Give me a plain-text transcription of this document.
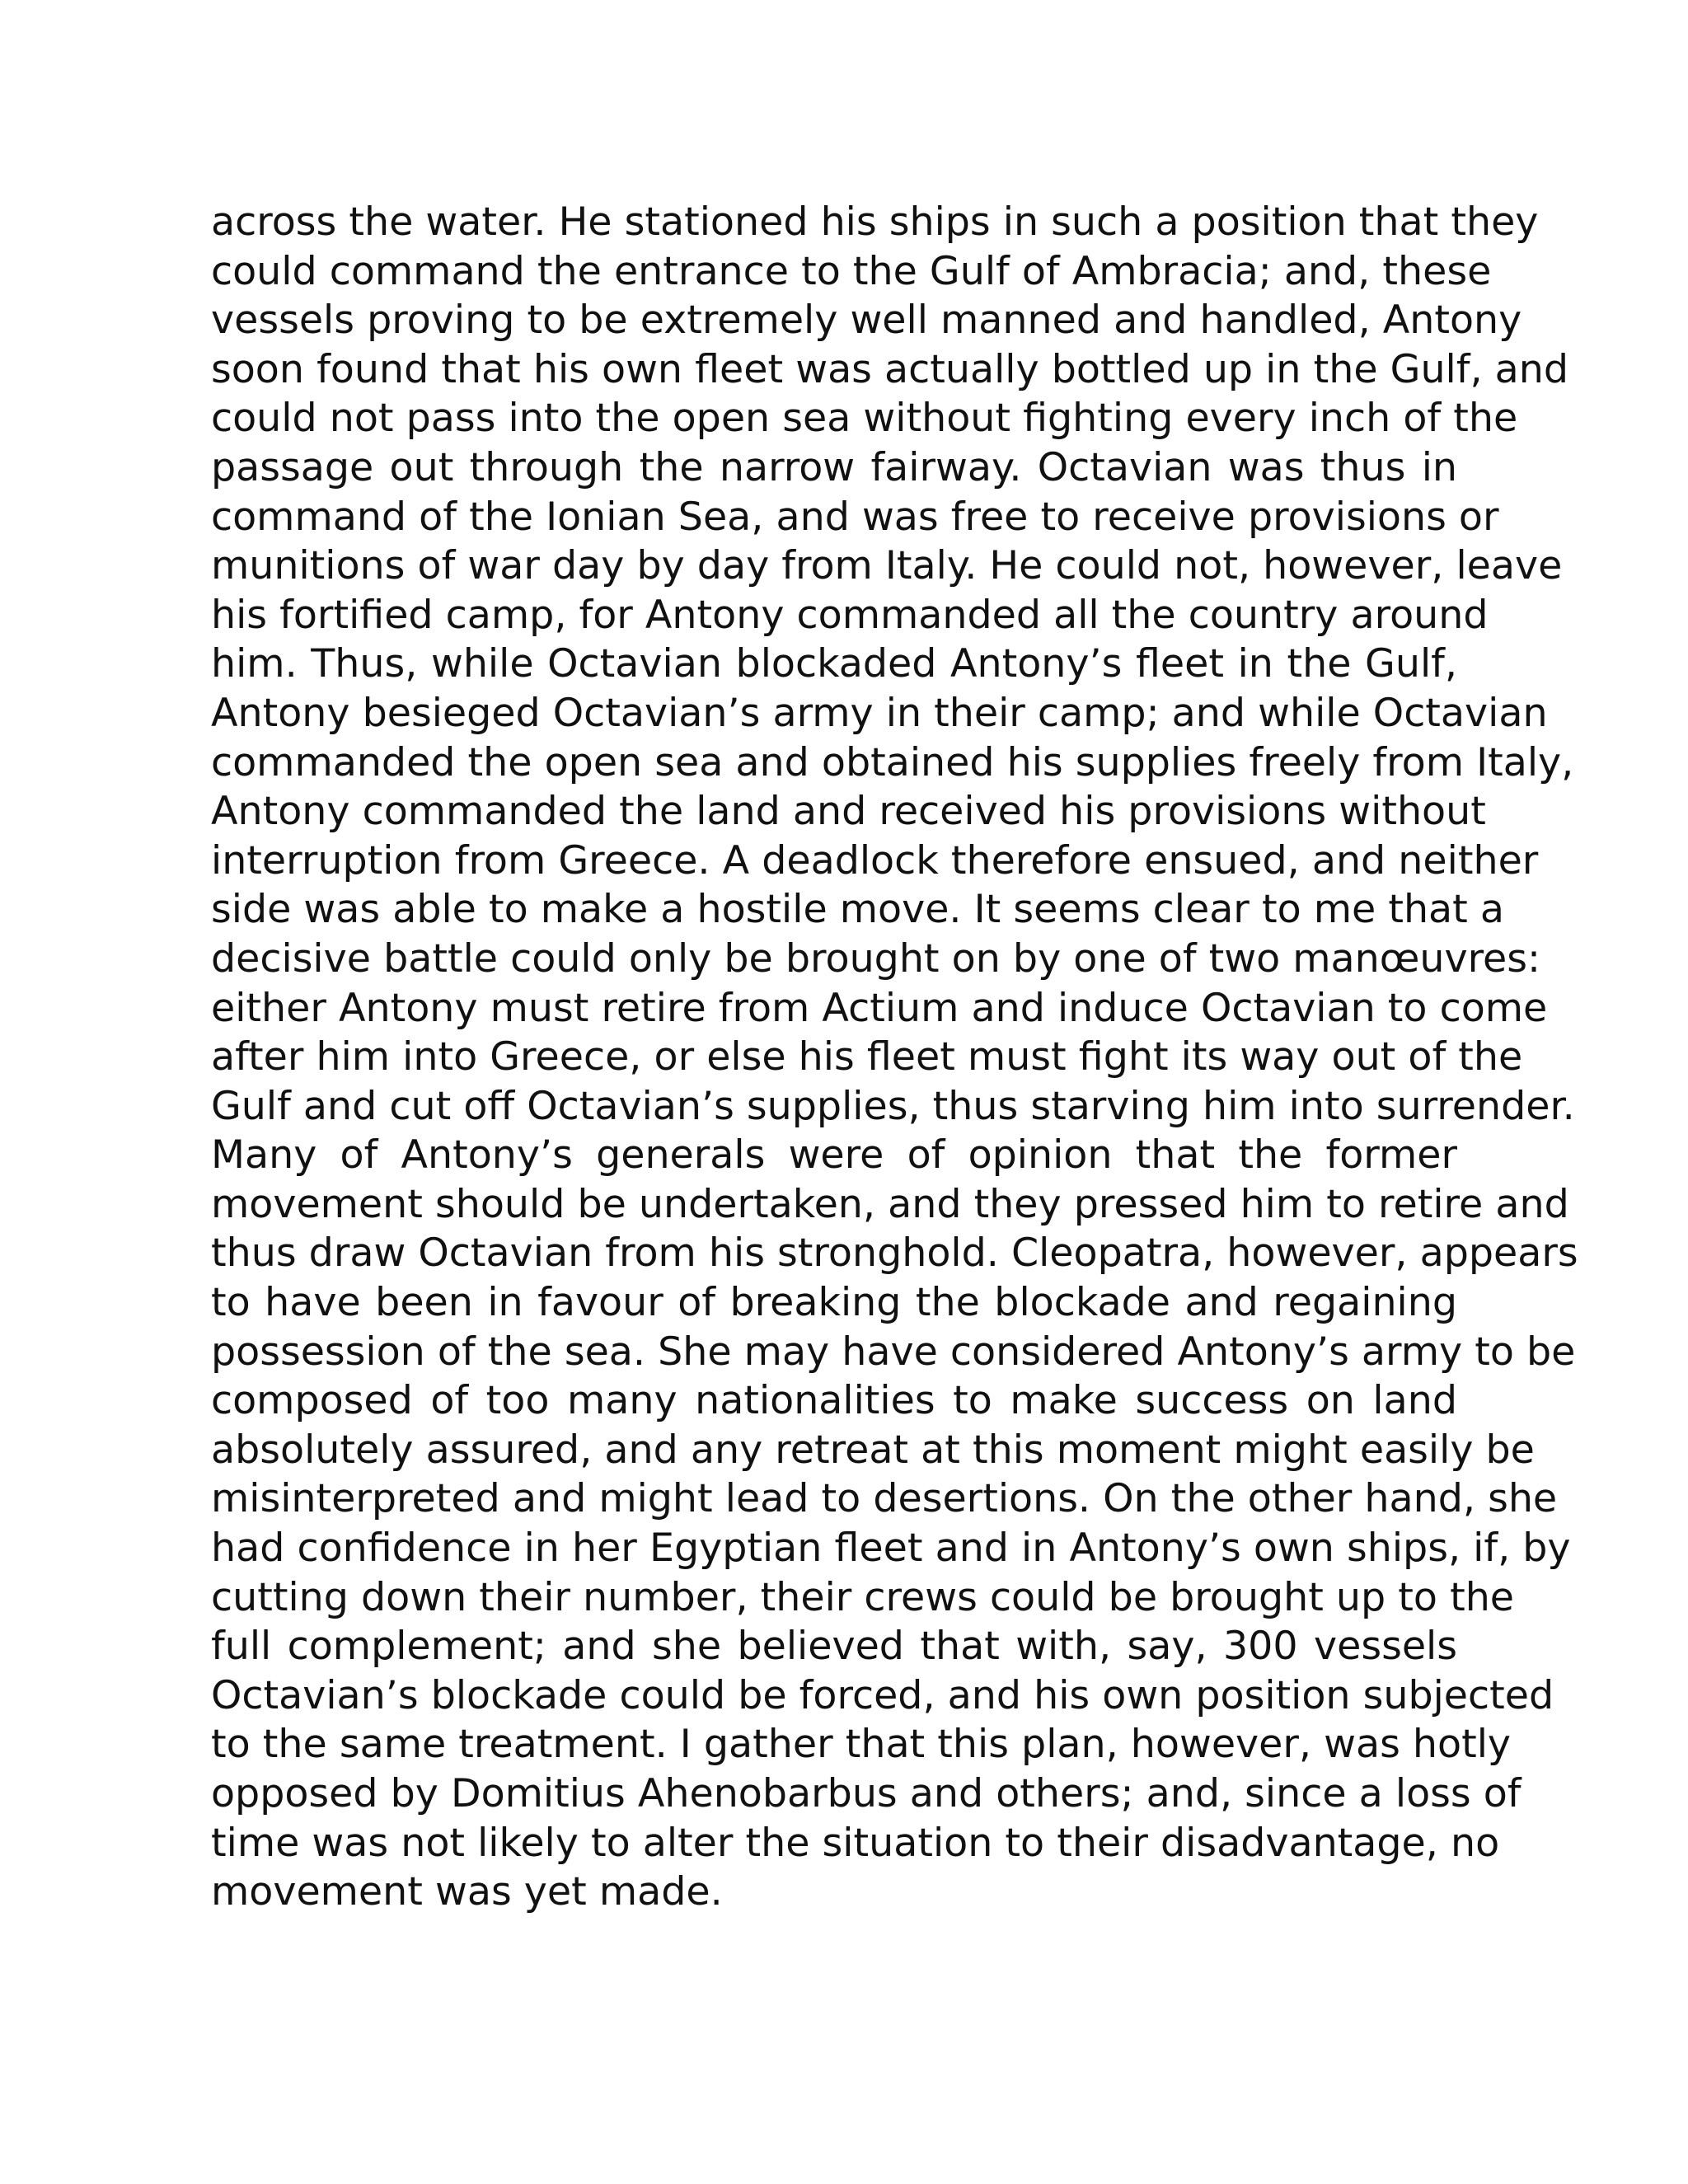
across the water. He stationed his ships in such a position that they
could command the entrance to the Gulf of Ambracia; and, these
vessels proving to be extremely well manned and handled, Antony
soon found that his own fleet was actually bottled up in the Gulf, and
could not pass into the open sea without fighting every inch of the
passage out through the narrow fairway. Octavian was thus in
command of the Ionian Sea, and was free to receive provisions or
munitions of war day by day from Italy. He could not, however, leave
his fortified camp, for Antony commanded all the country around
him. Thus, while Octavian blockaded Antony’s fleet in the Gulf,
Antony besieged Octavian’s army in their camp; and while Octavian
commanded the open sea and obtained his supplies freely from Italy,
Antony commanded the land and received his provisions without
interruption from Greece. A deadlock therefore ensued, and neither
side was able to make a hostile move. It seems clear to me that a
decisive battle could only be brought on by one of two manœuvres:
either Antony must retire from Actium and induce Octavian to come
after him into Greece, or else his fleet must fight its way out of the
Gulf and cut off Octavian’s supplies, thus starving him into surrender.
Many of Antony’s generals were of opinion that the former
movement should be undertaken, and they pressed him to retire and
thus draw Octavian from his stronghold. Cleopatra, however, appears
to have been in favour of breaking the blockade and regaining
possession of the sea. She may have considered Antony’s army to be
composed of too many nationalities to make success on land
absolutely assured, and any retreat at this moment might easily be
misinterpreted and might lead to desertions. On the other hand, she
had confidence in her Egyptian fleet and in Antony’s own ships, if, by
cutting down their number, their crews could be brought up to the
full complement; and she believed that with, say, 300 vessels
Octavian’s blockade could be forced, and his own position subjected
to the same treatment. I gather that this plan, however, was hotly
opposed by Domitius Ahenobarbus and others; and, since a loss of
time was not likely to alter the situation to their disadvantage, no
movement was yet made.
